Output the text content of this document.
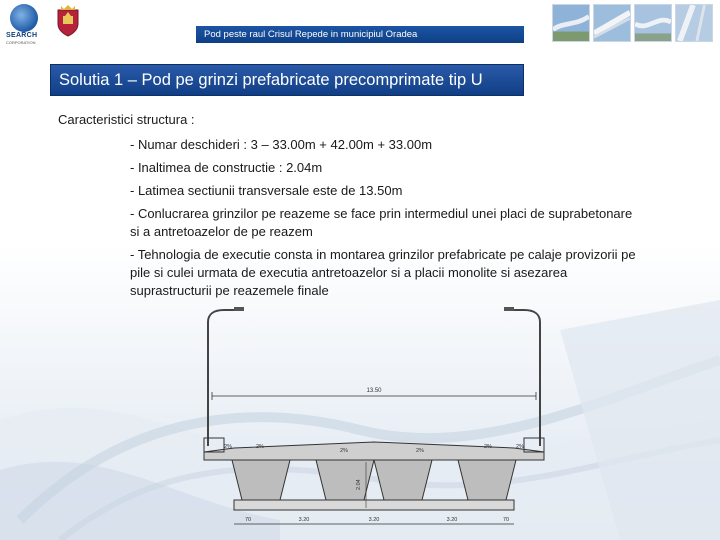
SEARCH
CORPORATION
Pod peste raul Crisul Repede in municipiul Oradea
Solutia 1 – Pod pe grinzi prefabricate precomprimate tip U
Caracteristici structura :
- Numar deschideri : 3 – 33.00m + 42.00m + 33.00m
- Inaltimea de constructie : 2.04m
- Latimea sectiunii transversale este de 13.50m
- Conlucrarea grinzilor pe reazeme se face prin intermediul unei placi de suprabetonare si a antretoazelor de pe reazem
- Tehnologia de executie consta in montarea grinzilor prefabricate pe calaje provizorii pe pile si culei urmata de executia antretoazelor si a placii monolite si asezarea suprastructurii pe reazemele finale
13.50
2%	2%
2%	2%
2%	2%
2.04
70	3.20	3.20	3.20	70
